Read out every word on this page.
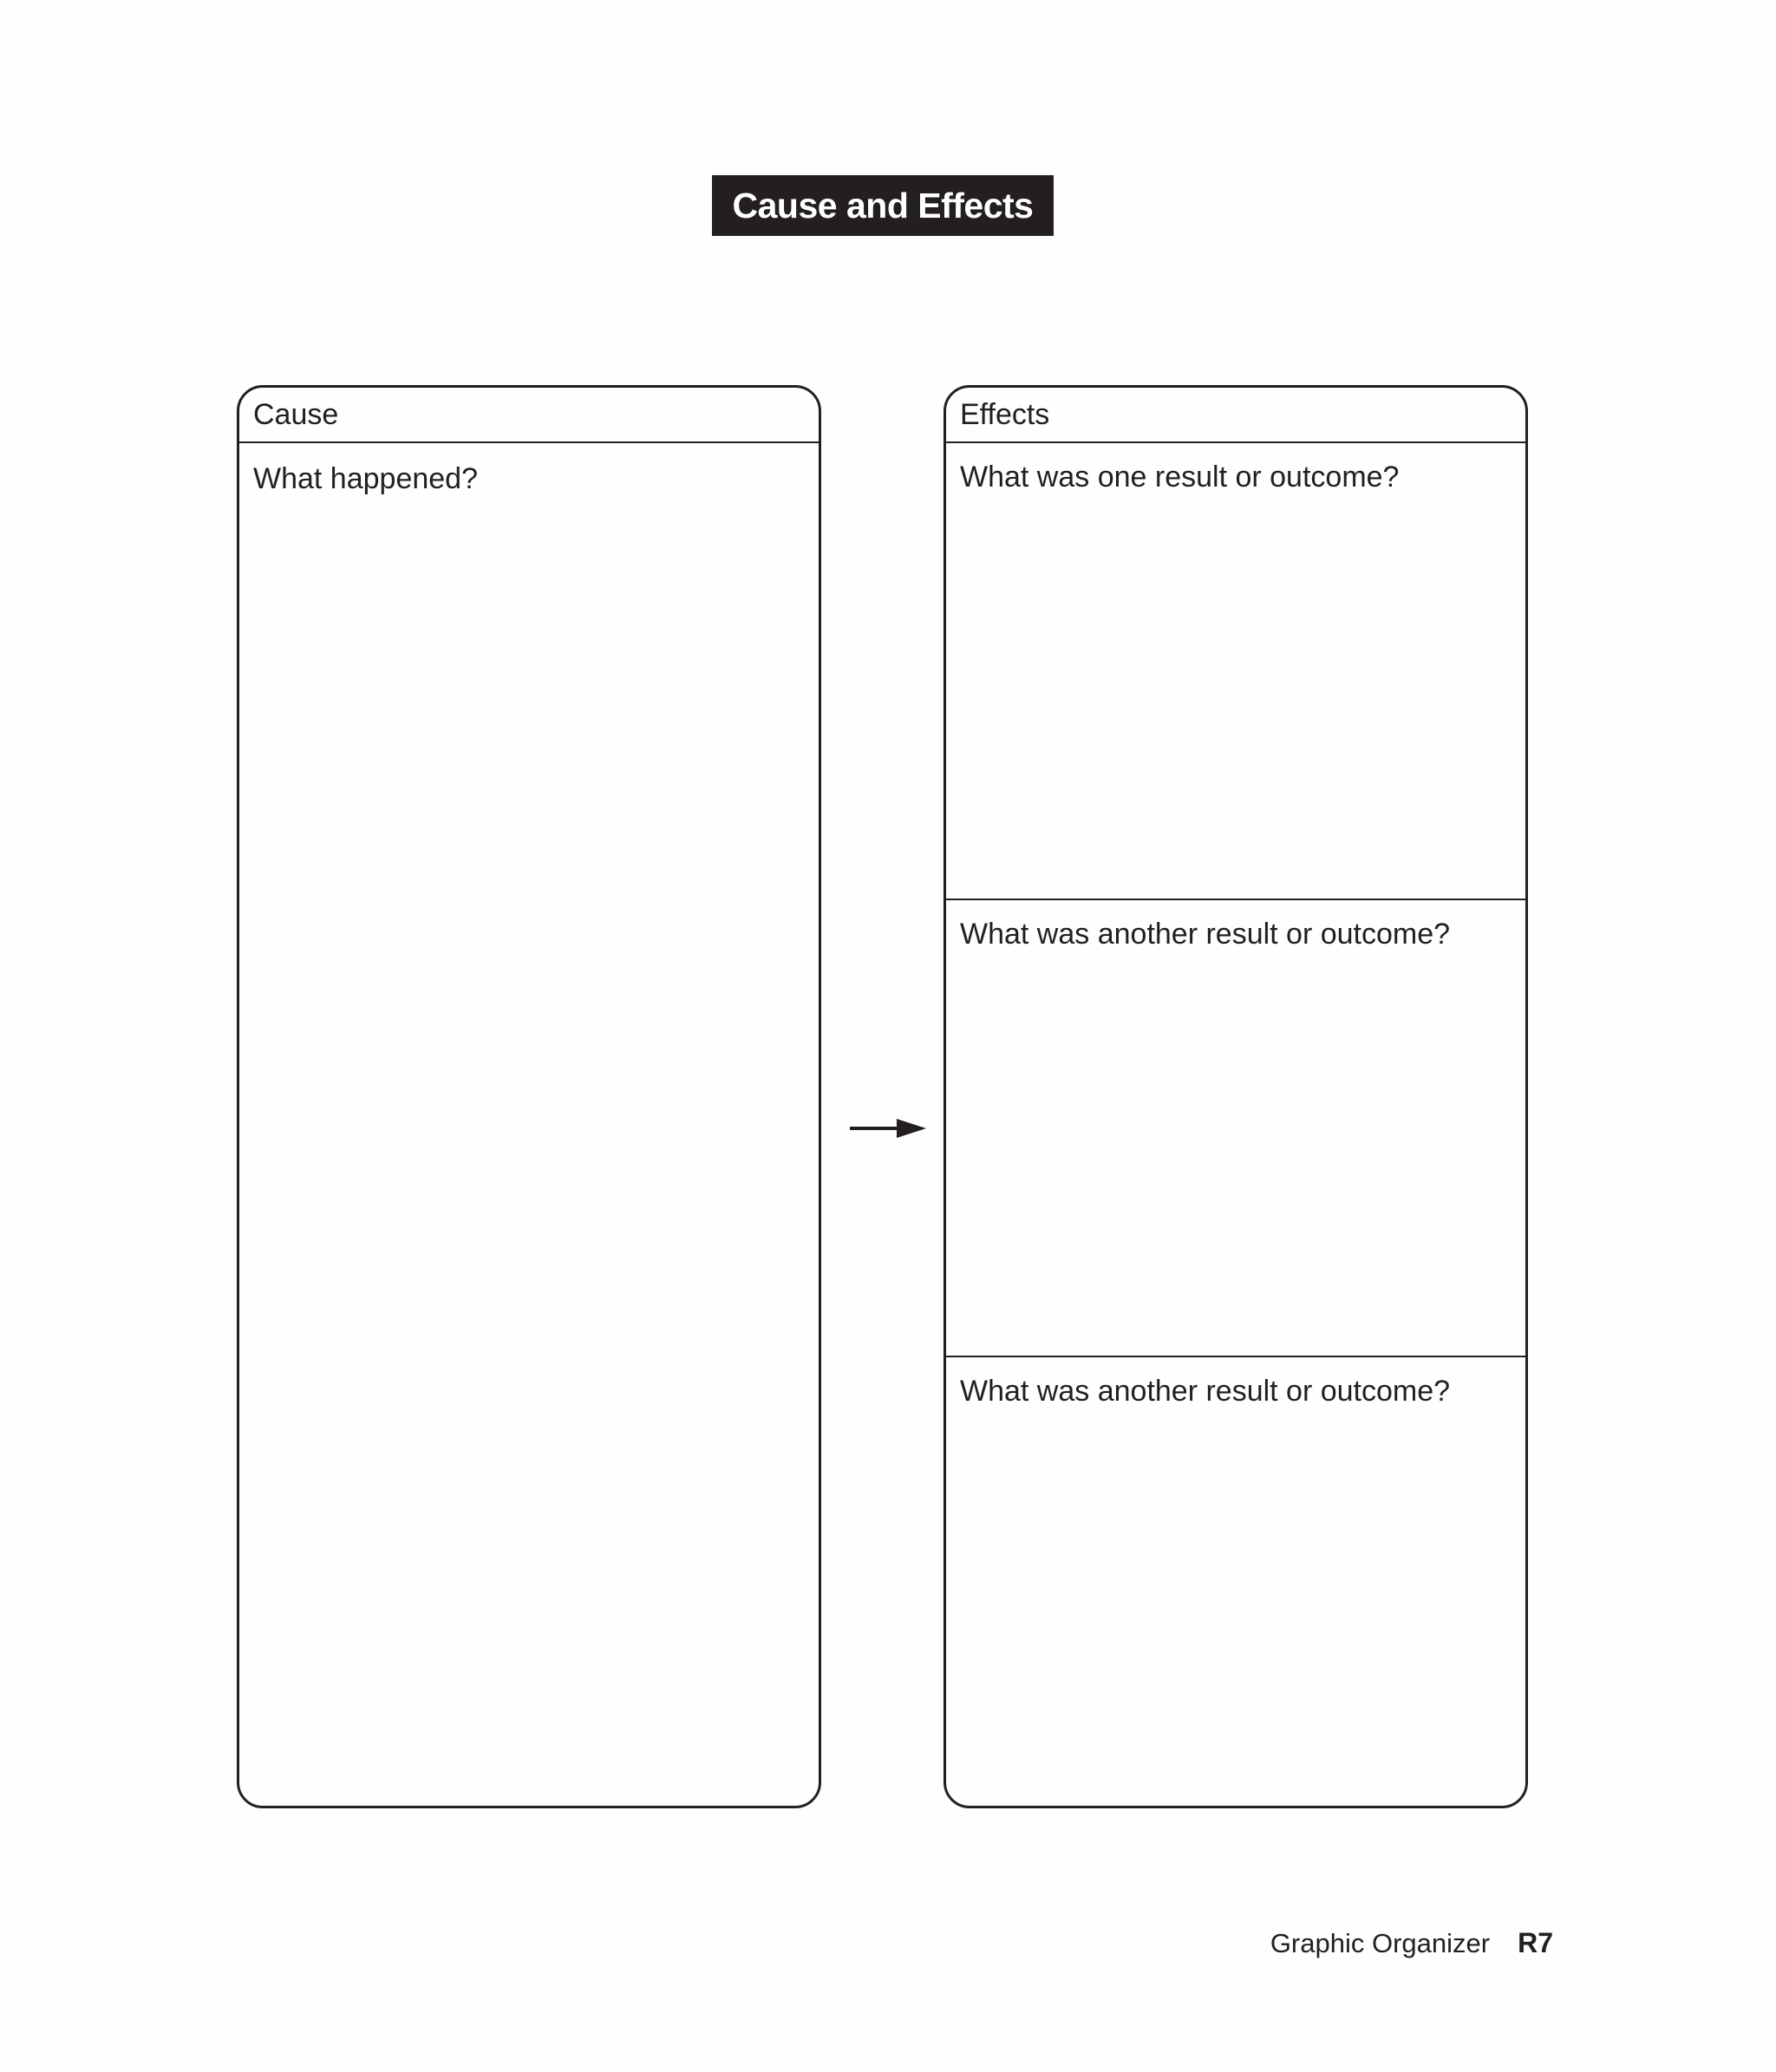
Cause and Effects
Cause
What happened?
Effects
What was one result or outcome?
What was another result or outcome?
What was another result or outcome?
Graphic Organizer R7
